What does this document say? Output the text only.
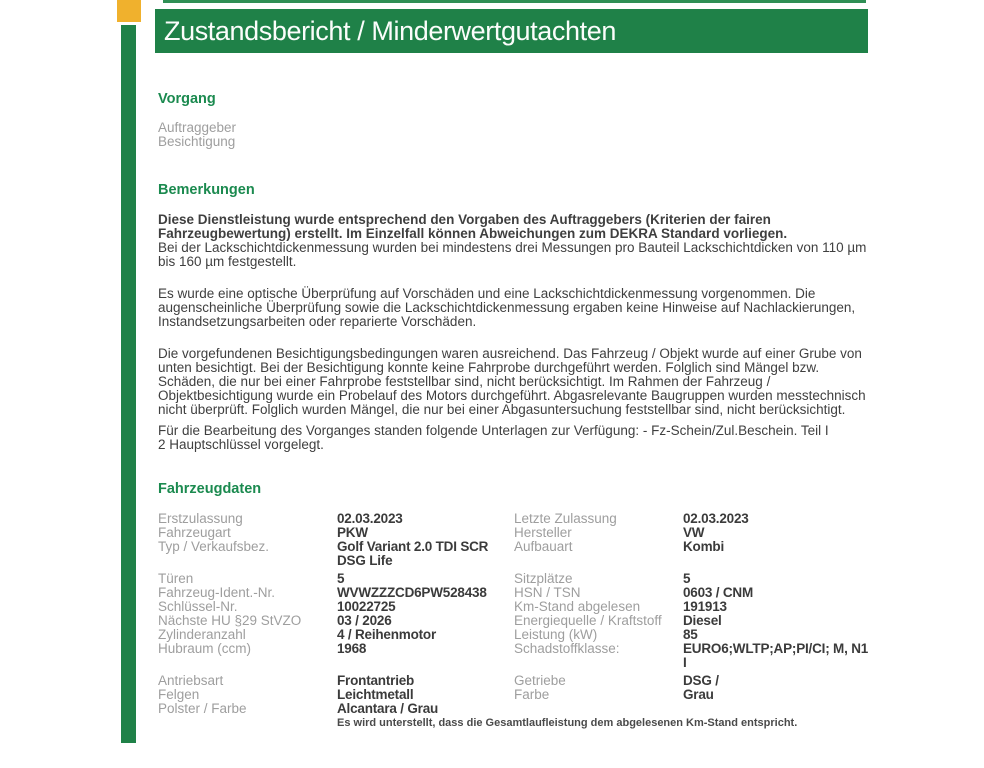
Zustandsbericht / Minderwertgutachten
Vorgang
Auftraggeber
Besichtigung
Bemerkungen

Diese Dienstleistung wurde entsprechend den Vorgaben des Auftraggebers (Kriterien der fairen Fahrzeugbewertung) erstellt. Im Einzelfall können Abweichungen zum DEKRA Standard vorliegen.
Bei der Lackschichtdickenmessung wurden bei mindestens drei Messungen pro Bauteil Lackschichtdicken von 110 µm bis 160 µm festgestellt.

Es wurde eine optische Überprüfung auf Vorschäden und eine Lackschichtdickenmessung vorgenommen. Die augenscheinliche Überprüfung sowie die Lackschichtdickenmessung ergaben keine Hinweise auf Nachlackierungen, Instandsetzungsarbeiten oder reparierte Vorschäden.

Die vorgefundenen Besichtigungsbedingungen waren ausreichend. Das Fahrzeug / Objekt wurde auf einer Grube von unten besichtigt. Bei der Besichtigung konnte keine Fahrprobe durchgeführt werden. Folglich sind Mängel bzw. Schäden, die nur bei einer Fahrprobe feststellbar sind, nicht berücksichtigt. Im Rahmen der Fahrzeug / Objektbesichtigung wurde ein Probelauf des Motors durchgeführt. Abgasrelevante Baugruppen wurden messtechnisch nicht überprüft. Folglich wurden Mängel, die nur bei einer Abgasuntersuchung feststellbar sind, nicht berücksichtigt.

Für die Bearbeitung des Vorganges standen folgende Unterlagen zur Verfügung: - Fz-Schein/Zul.Beschein. Teil I
2 Hauptschlüssel vorgelegt.

Fahrzeugdaten
Erstzulassung	02.03.2023	Letzte Zulassung	02.03.2023
Fahrzeugart	PKW	Hersteller	VW
Typ / Verkaufsbez.	Golf Variant 2.0 TDI SCR DSG Life
Aufbauart	Kombi
Türen	5	Sitzplätze	5
Fahrzeug-Ident.-Nr.	WVWZZZCD6PW528438	HSN / TSN	0603 / CNM
Schlüssel-Nr.	10022725	Km-Stand abgelesen	191913
Nächste HU §29 StVZO	03 / 2026	Energiequelle / Kraftstoff	Diesel
Zylinderanzahl	4 / Reihenmotor	Leistung (kW)	85
Hubraum (ccm)	1968	Schadstoffklasse:	EURO6;WLTP;AP;PI/CI; M, N1 I
Antriebsart	Frontantrieb	Getriebe	DSG /
Felgen	Leichtmetall	Farbe	Grau
Polster / Farbe	Alcantara / Grau
Es wird unterstellt, dass die Gesamtlaufleistung dem abgelesenen Km-Stand entspricht.
